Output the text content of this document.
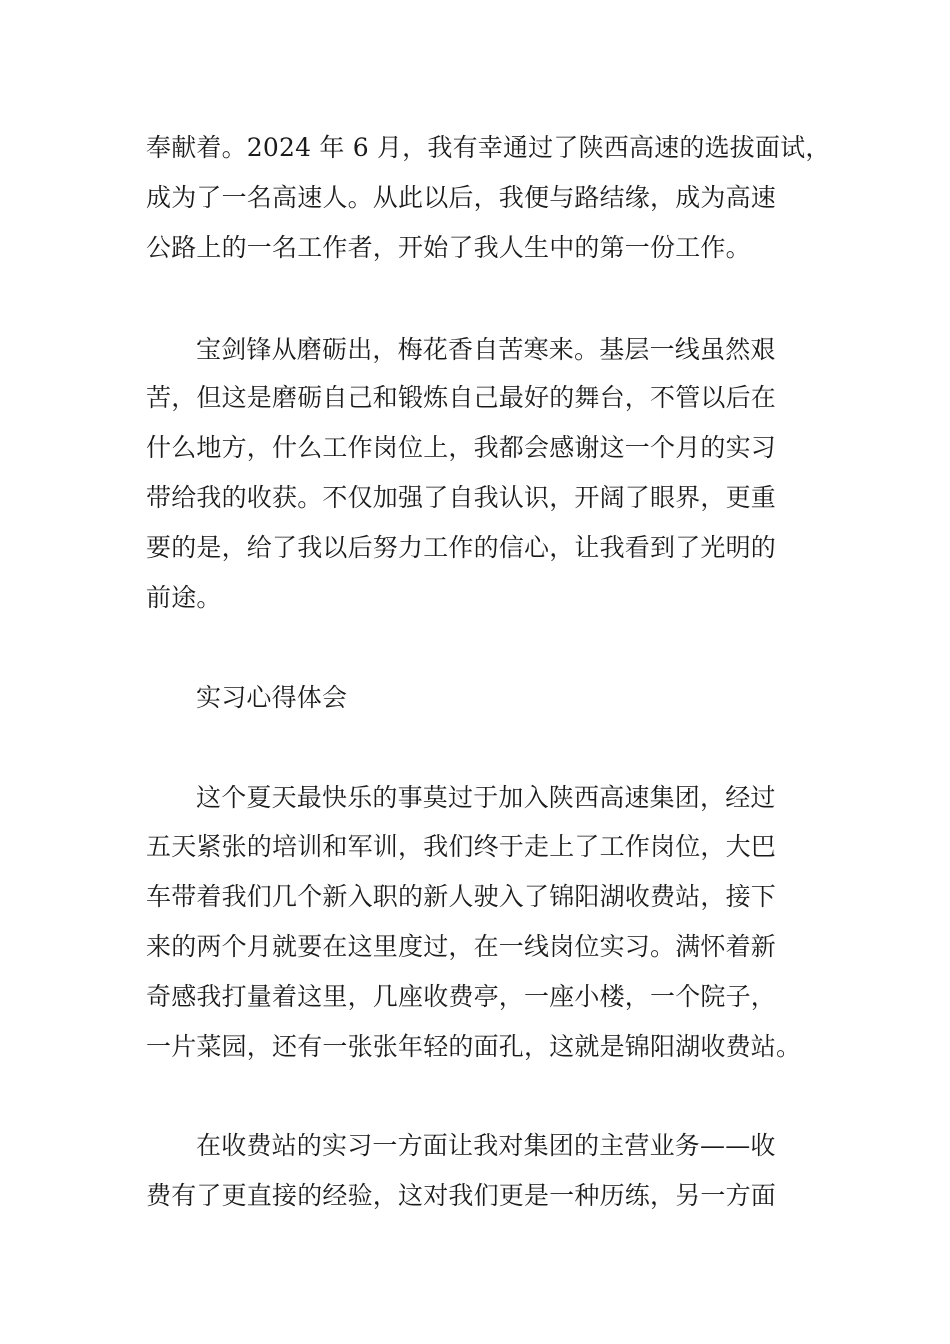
奉献着。2024 年 6 月，我有幸通过了陕西高速的选拔面试，
成为了一名高速人。从此以后，我便与路结缘，成为高速
公路上的一名工作者，开始了我人生中的第一份工作。
宝剑锋从磨砺出，梅花香自苦寒来。基层一线虽然艰
苦，但这是磨砺自己和锻炼自己最好的舞台，不管以后在
什么地方，什么工作岗位上，我都会感谢这一个月的实习
带给我的收获。不仅加强了自我认识，开阔了眼界，更重
要的是，给了我以后努力工作的信心，让我看到了光明的
前途。
实习心得体会
这个夏天最快乐的事莫过于加入陕西高速集团，经过
五天紧张的培训和军训，我们终于走上了工作岗位，大巴
车带着我们几个新入职的新人驶入了锦阳湖收费站，接下
来的两个月就要在这里度过，在一线岗位实习。满怀着新
奇感我打量着这里，几座收费亭，一座小楼，一个院子，
一片菜园，还有一张张年轻的面孔，这就是锦阳湖收费站。
在收费站的实习一方面让我对集团的主营业务——收
费有了更直接的经验，这对我们更是一种历练，另一方面
